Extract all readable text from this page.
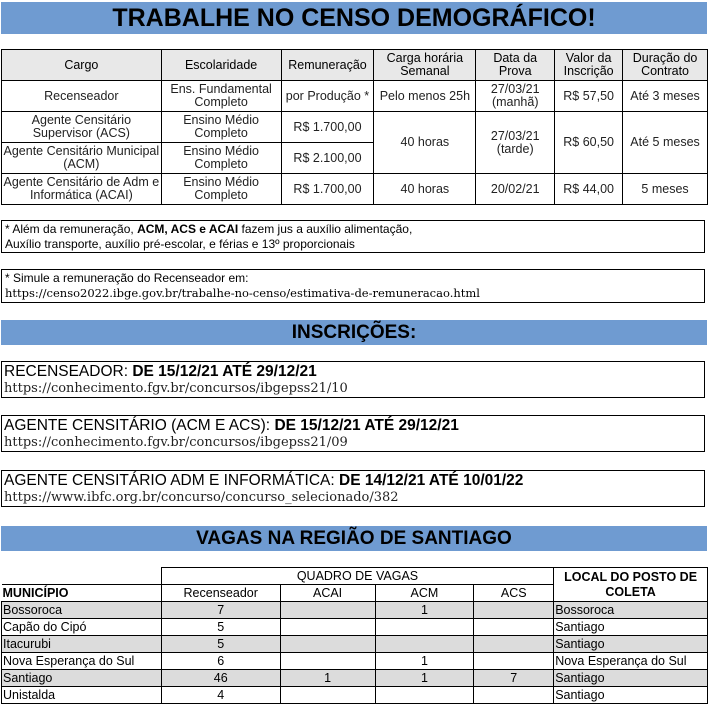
TRABALHE NO CENSO DEMOGRÁFICO!
Cargo	Escolaridade	Remuneração	Carga horária Semanal	Data da Prova	Valor da Inscrição	Duração do Contrato
Recenseador	Ens. Fundamental Completo	por Produção *	Pelo menos 25h	27/03/21 (manhã)	R$ 57,50	Até 3 meses
Agente Censitário Supervisor (ACS)	Ensino Médio Completo	R$ 1.700,00	40 horas	27/03/21 (tarde)	R$ 60,50	Até 5 meses
Agente Censitário Municipal (ACM)	Ensino Médio Completo	R$ 2.100,00				
Agente Censitário de Adm e Informática (ACAI)	Ensino Médio Completo	R$ 1.700,00	40 horas	20/02/21	R$ 44,00	5 meses
* Além da remuneração, ACM, ACS e ACAI fazem jus a auxílio alimentação,
Auxílio transporte, auxílio pré-escolar, e férias e 13º proporcionais
* Simule a remuneração do Recenseador em:
https://censo2022.ibge.gov.br/trabalhe-no-censo/estimativa-de-remuneracao.html
INSCRIÇÕES:
RECENSEADOR: DE 15/12/21 ATÉ 29/12/21
https://conhecimento.fgv.br/concursos/ibgepss21/10
AGENTE CENSITÁRIO (ACM E ACS): DE 15/12/21 ATÉ 29/12/21
https://conhecimento.fgv.br/concursos/ibgepss21/09
AGENTE CENSITÁRIO ADM E INFORMÁTICA: DE 14/12/21 ATÉ 10/01/22
https://www.ibfc.org.br/concurso/concurso_selecionado/382
VAGAS NA REGIÃO DE SANTIAGO
	QUADRO DE VAGAS				LOCAL DO POSTO DE COLETA
MUNICÍPIO	Recenseador	ACAI	ACM	ACS	
Bossoroca	7		1		Bossoroca
Capão do Cipó	5				Santiago
Itacurubi	5				Santiago
Nova Esperança do Sul	6		1		Nova Esperança do Sul
Santiago	46	1	1	7	Santiago
Unistalda	4				Santiago
